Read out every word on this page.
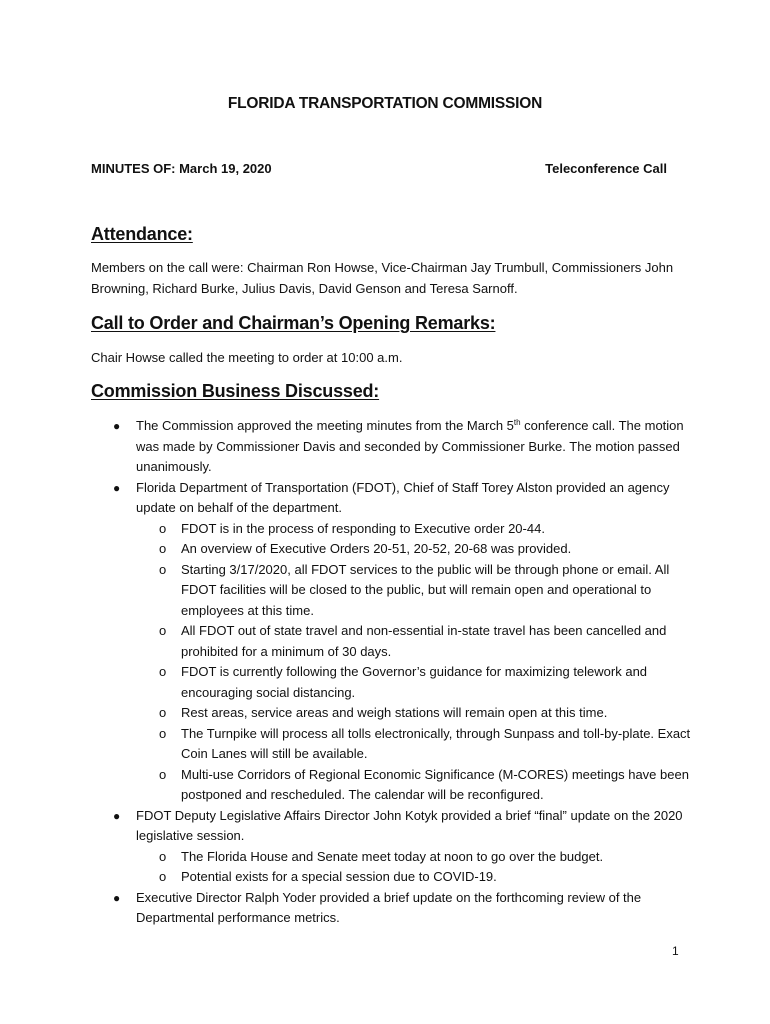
FLORIDA TRANSPORTATION COMMISSION
MINUTES OF: March 19, 2020	Teleconference Call
Attendance:
Members on the call were: Chairman Ron Howse, Vice-Chairman Jay Trumbull, Commissioners John Browning, Richard Burke, Julius Davis, David Genson and Teresa Sarnoff.
Call to Order and Chairman’s Opening Remarks:
Chair Howse called the meeting to order at 10:00 a.m.
Commission Business Discussed:
● The Commission approved the meeting minutes from the March 5th conference call. The motion was made by Commissioner Davis and seconded by Commissioner Burke. The motion passed unanimously.
● Florida Department of Transportation (FDOT), Chief of Staff Torey Alston provided an agency update on behalf of the department.
o FDOT is in the process of responding to Executive order 20-44.
o An overview of Executive Orders 20-51, 20-52, 20-68 was provided.
o Starting 3/17/2020, all FDOT services to the public will be through phone or email. All FDOT facilities will be closed to the public, but will remain open and operational to employees at this time.
o All FDOT out of state travel and non-essential in-state travel has been cancelled and prohibited for a minimum of 30 days.
o FDOT is currently following the Governor’s guidance for maximizing telework and encouraging social distancing.
o Rest areas, service areas and weigh stations will remain open at this time.
o The Turnpike will process all tolls electronically, through Sunpass and toll-by-plate. Exact Coin Lanes will still be available.
o Multi-use Corridors of Regional Economic Significance (M-CORES) meetings have been postponed and rescheduled. The calendar will be reconfigured.
● FDOT Deputy Legislative Affairs Director John Kotyk provided a brief “final” update on the 2020 legislative session.
o The Florida House and Senate meet today at noon to go over the budget.
o Potential exists for a special session due to COVID-19.
● Executive Director Ralph Yoder provided a brief update on the forthcoming review of the Departmental performance metrics.
1
